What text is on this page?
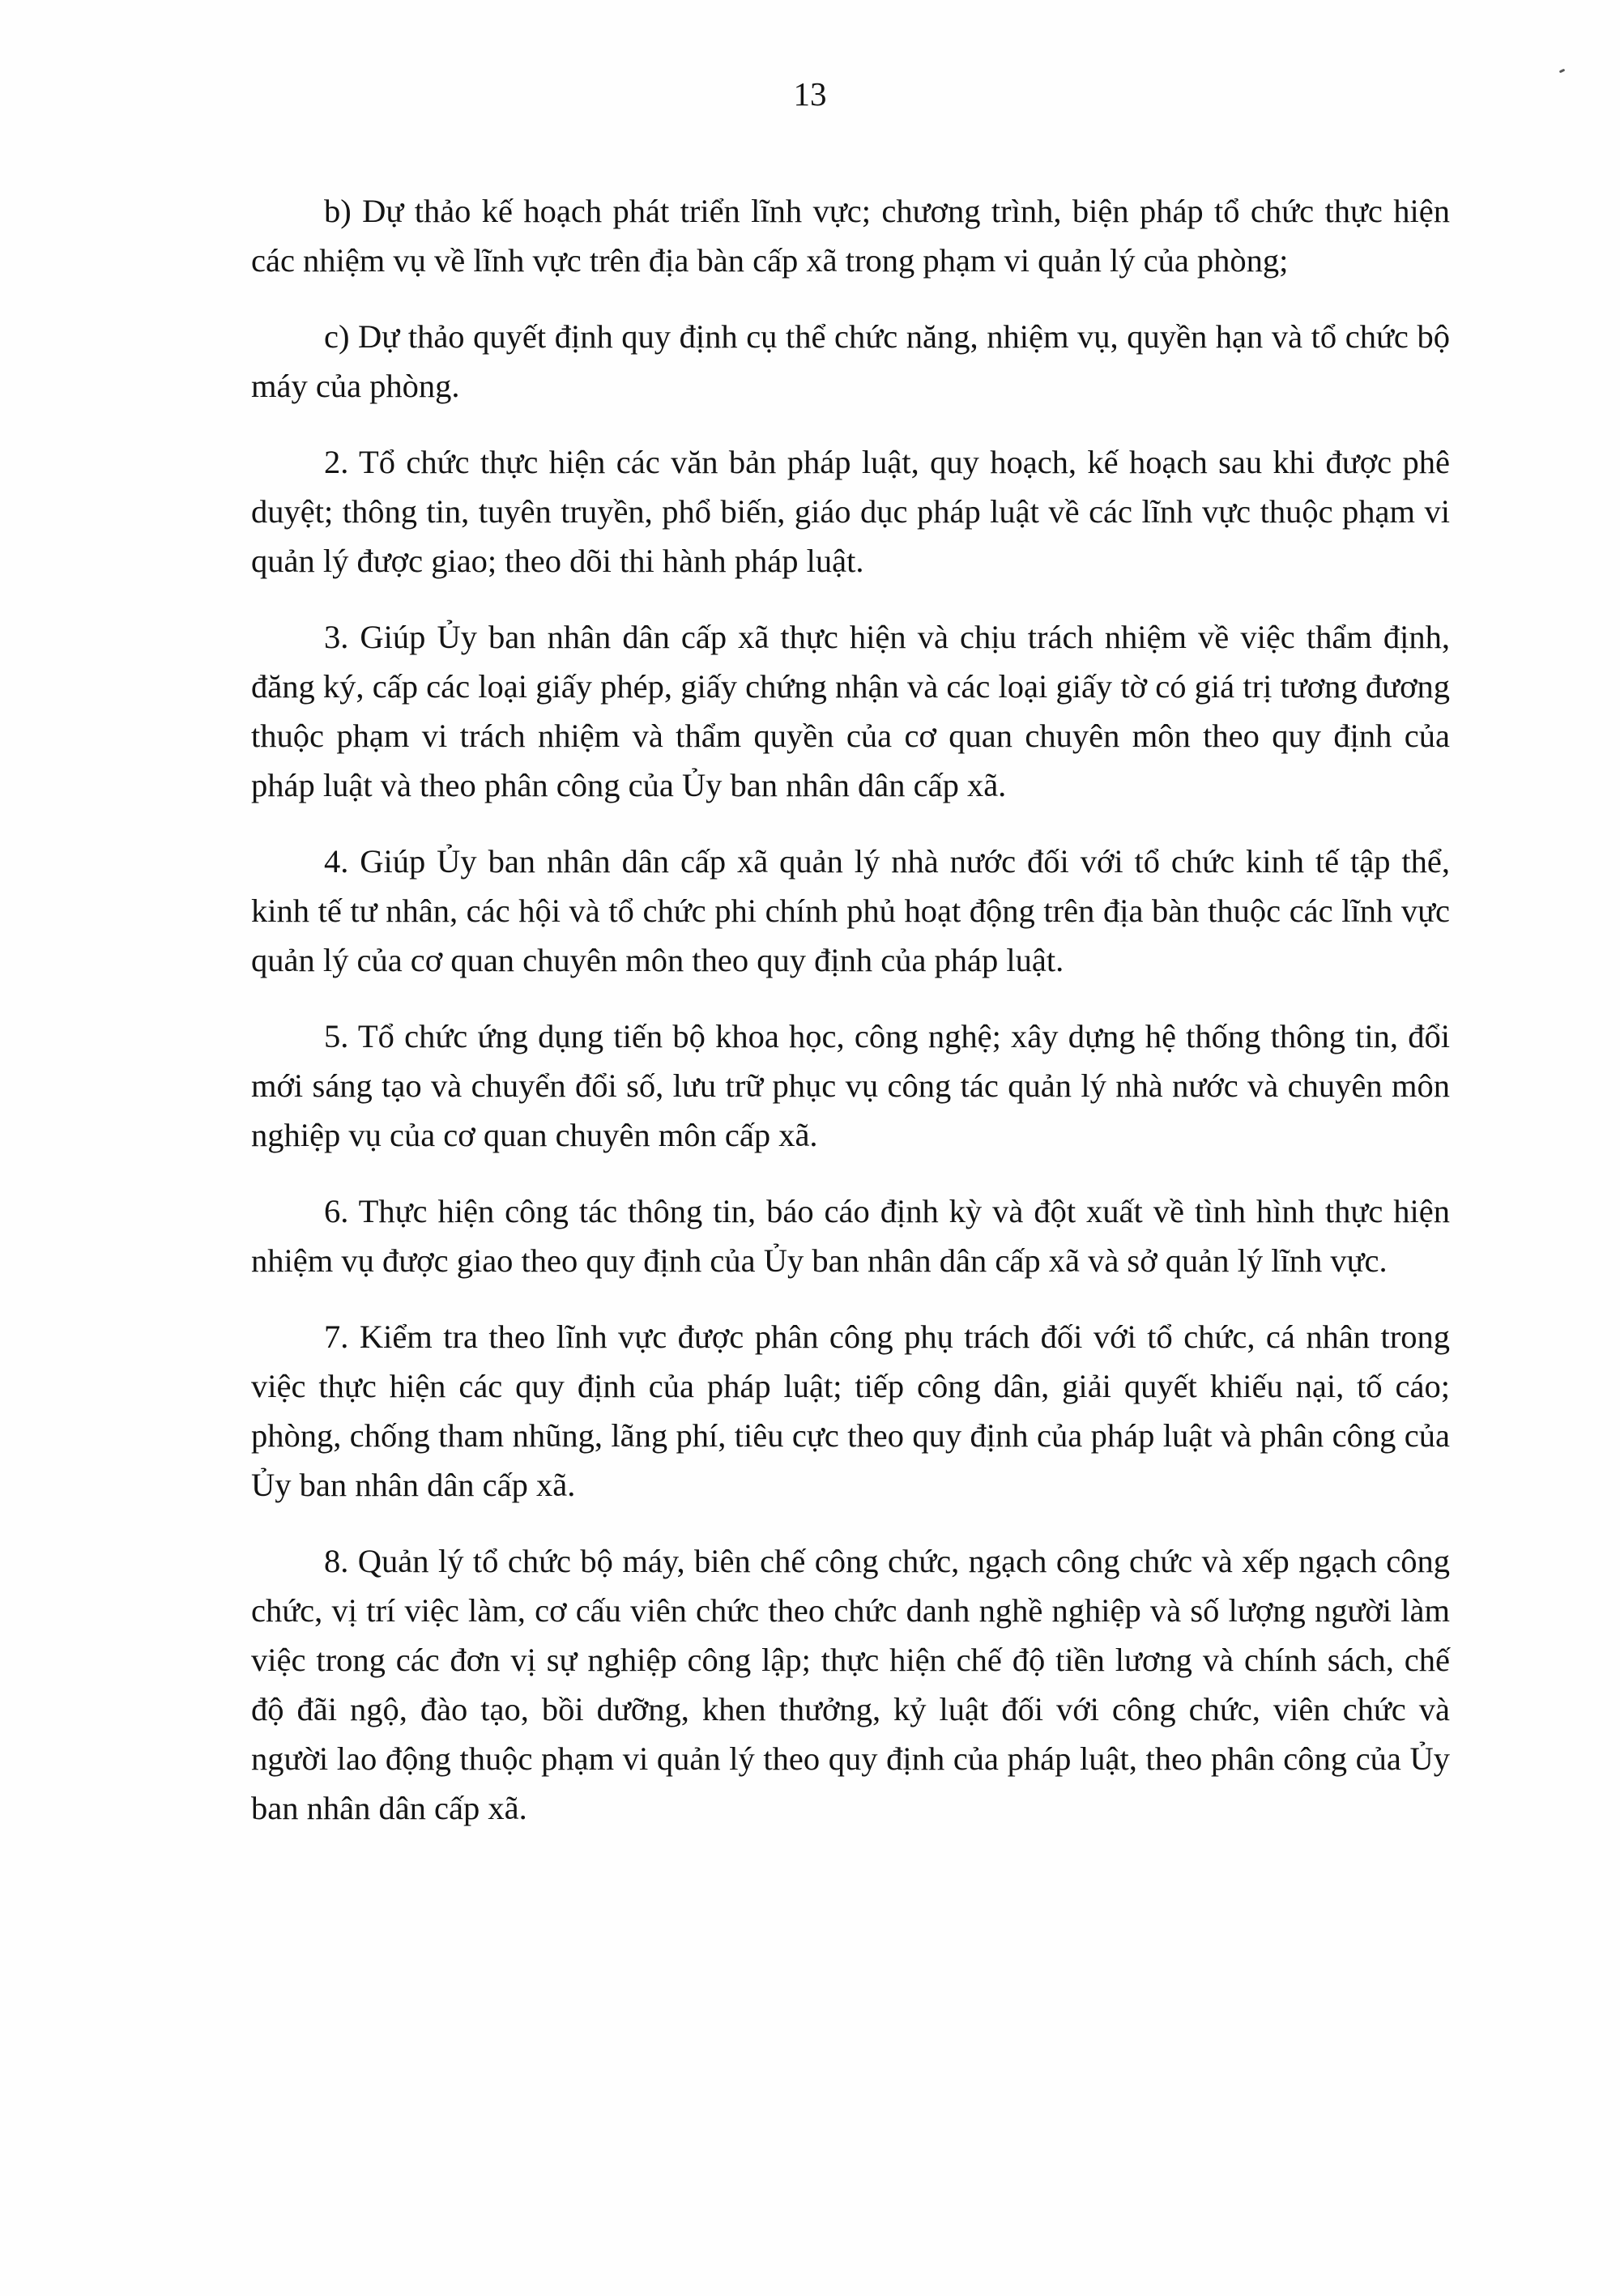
13

b) Dự thảo kế hoạch phát triển lĩnh vực; chương trình, biện pháp tổ chức thực hiện các nhiệm vụ về lĩnh vực trên địa bàn cấp xã trong phạm vi quản lý của phòng;

c) Dự thảo quyết định quy định cụ thể chức năng, nhiệm vụ, quyền hạn và tổ chức bộ máy của phòng.

2. Tổ chức thực hiện các văn bản pháp luật, quy hoạch, kế hoạch sau khi được phê duyệt; thông tin, tuyên truyền, phổ biến, giáo dục pháp luật về các lĩnh vực thuộc phạm vi quản lý được giao; theo dõi thi hành pháp luật.

3. Giúp Ủy ban nhân dân cấp xã thực hiện và chịu trách nhiệm về việc thẩm định, đăng ký, cấp các loại giấy phép, giấy chứng nhận và các loại giấy tờ có giá trị tương đương thuộc phạm vi trách nhiệm và thẩm quyền của cơ quan chuyên môn theo quy định của pháp luật và theo phân công của Ủy ban nhân dân cấp xã.

4. Giúp Ủy ban nhân dân cấp xã quản lý nhà nước đối với tổ chức kinh tế tập thể, kinh tế tư nhân, các hội và tổ chức phi chính phủ hoạt động trên địa bàn thuộc các lĩnh vực quản lý của cơ quan chuyên môn theo quy định của pháp luật.

5. Tổ chức ứng dụng tiến bộ khoa học, công nghệ; xây dựng hệ thống thông tin, đổi mới sáng tạo và chuyển đổi số, lưu trữ phục vụ công tác quản lý nhà nước và chuyên môn nghiệp vụ của cơ quan chuyên môn cấp xã.

6. Thực hiện công tác thông tin, báo cáo định kỳ và đột xuất về tình hình thực hiện nhiệm vụ được giao theo quy định của Ủy ban nhân dân cấp xã và sở quản lý lĩnh vực.

7. Kiểm tra theo lĩnh vực được phân công phụ trách đối với tổ chức, cá nhân trong việc thực hiện các quy định của pháp luật; tiếp công dân, giải quyết khiếu nại, tố cáo; phòng, chống tham nhũng, lãng phí, tiêu cực theo quy định của pháp luật và phân công của Ủy ban nhân dân cấp xã.

8. Quản lý tổ chức bộ máy, biên chế công chức, ngạch công chức và xếp ngạch công chức, vị trí việc làm, cơ cấu viên chức theo chức danh nghề nghiệp và số lượng người làm việc trong các đơn vị sự nghiệp công lập; thực hiện chế độ tiền lương và chính sách, chế độ đãi ngộ, đào tạo, bồi dưỡng, khen thưởng, kỷ luật đối với công chức, viên chức và người lao động thuộc phạm vi quản lý theo quy định của pháp luật, theo phân công của Ủy ban nhân dân cấp xã.
